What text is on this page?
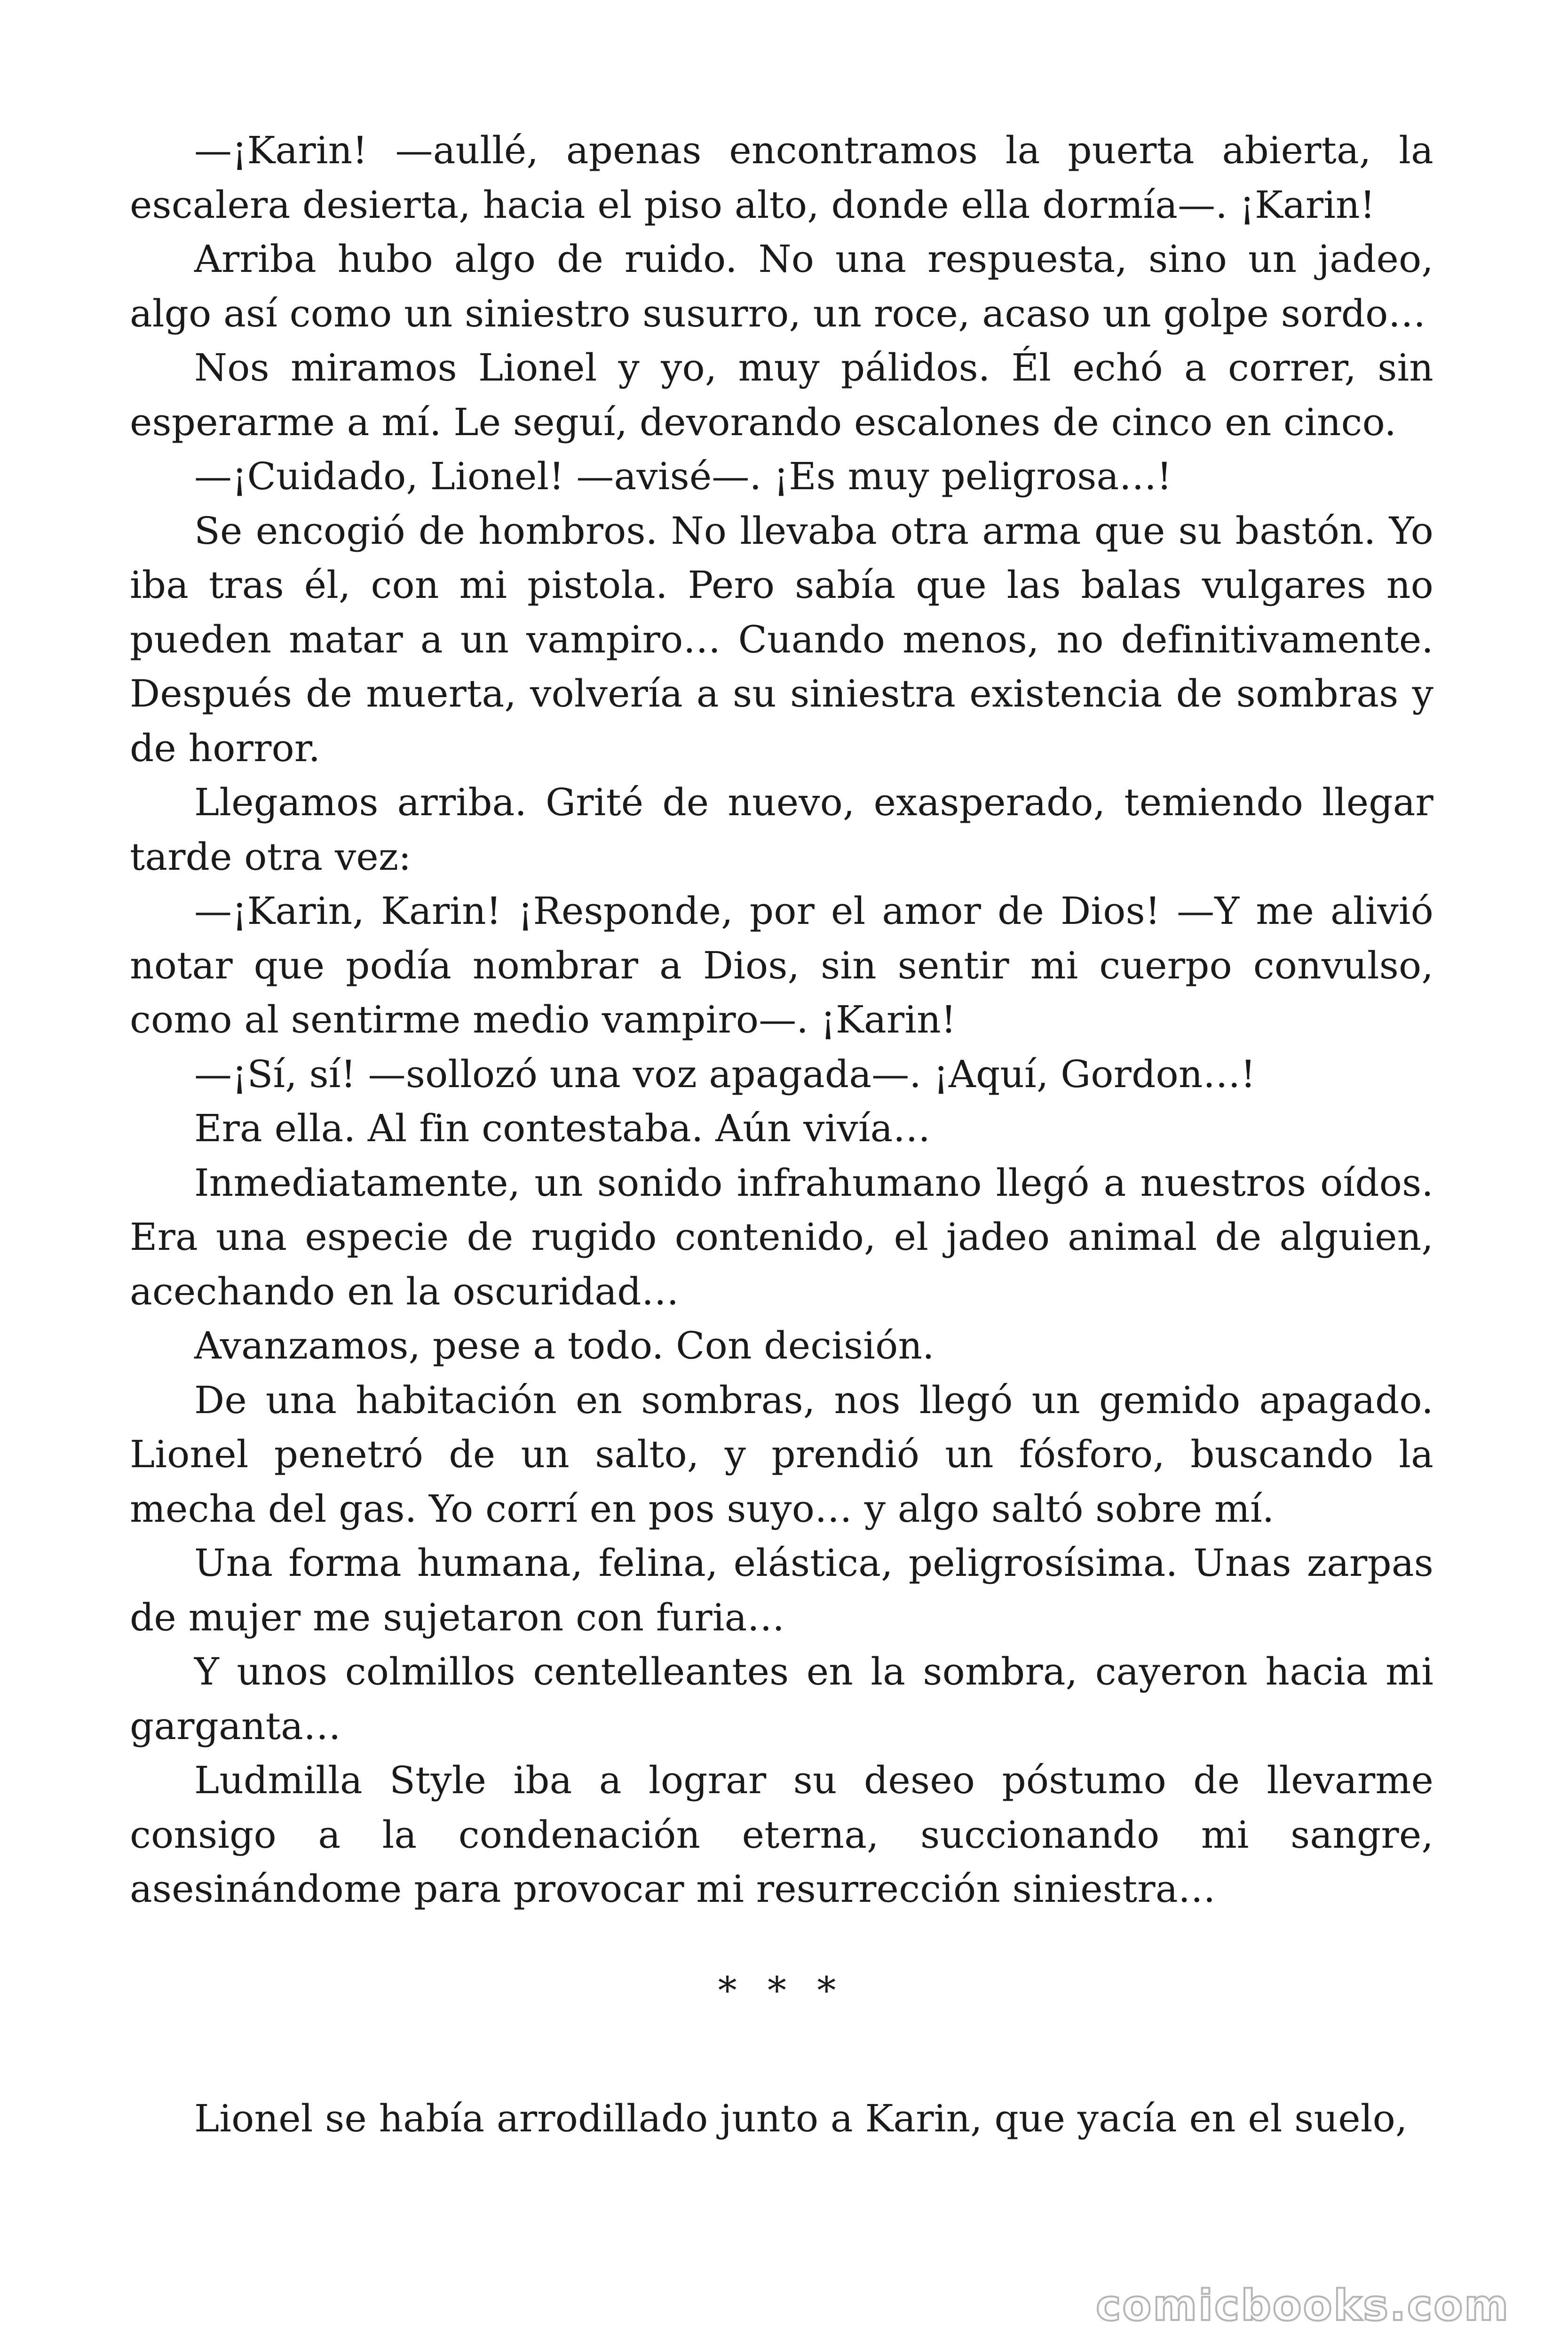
—¡Karin! —aullé, apenas encontramos la puerta abierta, la escalera desierta, hacia el piso alto, donde ella dormía—. ¡Karin!

Arriba hubo algo de ruido. No una respuesta, sino un jadeo, algo así como un siniestro susurro, un roce, acaso un golpe sordo…

Nos miramos Lionel y yo, muy pálidos. Él echó a correr, sin esperarme a mí. Le seguí, devorando escalones de cinco en cinco.

—¡Cuidado, Lionel! —avisé—. ¡Es muy peligrosa…!

Se encogió de hombros. No llevaba otra arma que su bastón. Yo iba tras él, con mi pistola. Pero sabía que las balas vulgares no pueden matar a un vampiro… Cuando menos, no definitivamente. Después de muerta, volvería a su siniestra existencia de sombras y de horror.

Llegamos arriba. Grité de nuevo, exasperado, temiendo llegar tarde otra vez:

—¡Karin, Karin! ¡Responde, por el amor de Dios! —Y me alivió notar que podía nombrar a Dios, sin sentir mi cuerpo convulso, como al sentirme medio vampiro—. ¡Karin!

—¡Sí, sí! —sollozó una voz apagada—. ¡Aquí, Gordon…!

Era ella. Al fin contestaba. Aún vivía…

Inmediatamente, un sonido infrahumano llegó a nuestros oídos. Era una especie de rugido contenido, el jadeo animal de alguien, acechando en la oscuridad…

Avanzamos, pese a todo. Con decisión.

De una habitación en sombras, nos llegó un gemido apagado. Lionel penetró de un salto, y prendió un fósforo, buscando la mecha del gas. Yo corrí en pos suyo… y algo saltó sobre mí.

Una forma humana, felina, elástica, peligrosísima. Unas zarpas de mujer me sujetaron con furia…

Y unos colmillos centelleantes en la sombra, cayeron hacia mi garganta…

Ludmilla Style iba a lograr su deseo póstumo de llevarme consigo a la condenación eterna, succionando mi sangre, asesinándome para provocar mi resurrección siniestra…

* * *

Lionel se había arrodillado junto a Karin, que yacía en el suelo,

comicbooks.com
